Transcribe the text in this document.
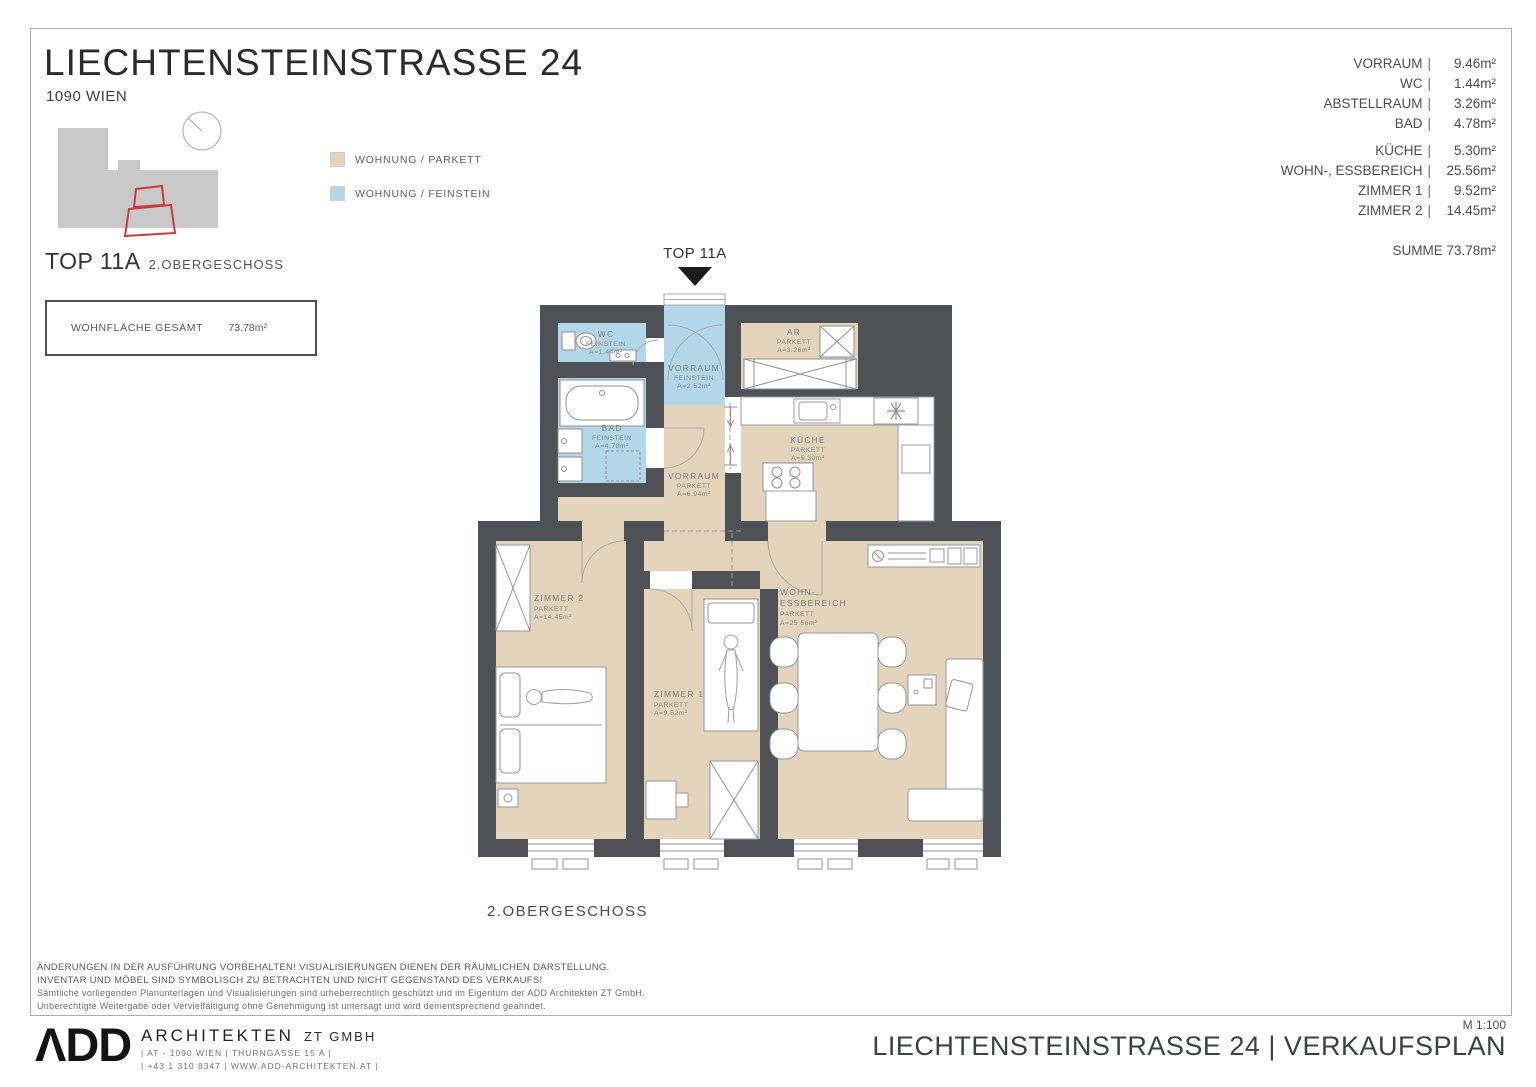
LIECHTENSTEINSTRASSE 24
1090 WIEN
WOHNUNG / PARKETT
WOHNUNG / FEINSTEIN
TOP 11A 2.OBERGESCHOSS
WOHNFLÄCHE GESAMT 73.78m²
VORRAUM | 9.46m²
WC | 1.44m²
ABSTELLRAUM | 3.26m²
BAD | 4.78m²
KÜCHE | 5.30m²
WOHN-, ESSBEREICH | 25.56m²
ZIMMER 1 | 9.52m²
ZIMMER 2 | 14.45m²
SUMME 73.78m²
TOP 11A
WC
FEINSTEIN
A=1.44m²
VORRAUM
FEINSTEIN
A=2.52m²
AR
PARKETT
A=3.26m²
BAD
FEINSTEIN
A=4.78m²
KÜCHE
PARKETT
A=5.30m²
VORRAUM
PARKETT
A=6.94m²
ZIMMER 2
PARKETT
A=14.45m²
ZIMMER 1
PARKETT
A=9.52m²
WOHN-,
ESSBEREICH
PARKETT
A=25.56m²
2.OBERGESCHOSS
ÄNDERUNGEN IN DER AUSFÜHRUNG VORBEHALTEN! VISUALISIERUNGEN DIENEN DER RÄUMLICHEN DARSTELLUNG.
INVENTAR UND MÖBEL SIND SYMBOLISCH ZU BETRACHTEN UND NICHT GEGENSTAND DES VERKAUFS!
Sämtliche vorliegenden Planunterlagen und Visualisierungen sind urheberrechtlich geschützt und im Eigentum der ADD Architekten ZT GmbH.
Unberechtigte Weitergabe oder Vervielfältigung ohne Genehmigung ist untersagt und wird dementsprechend geahndet.
ΛDD ARCHITEKTEN ZT GMBH
| AT - 1090 WIEN | THURNGASSE 15 A |
| +43 1 310 8347 | WWW.ADD-ARCHITEKTEN.AT |
M 1:100
LIECHTENSTEINSTRASSE 24 | VERKAUFSPLAN
